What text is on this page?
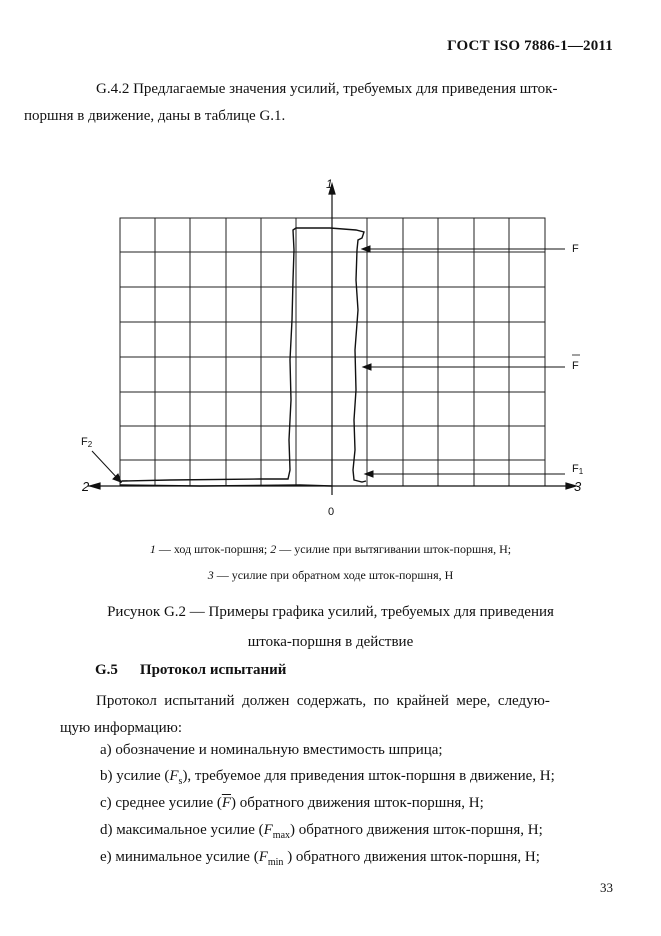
ГОСТ ISO 7886-1—2011
G.4.2 Предлагаемые значения усилий, требуемых для приведения шток-
поршня в движение, даны в таблице G.1.
1
2	3
0
F
F
F1
F2
1 — ход шток-поршня; 2 — усилие при вытягивании шток-поршня, Н;
3 — усилие при обратном ходе шток-поршня, Н
Рисунок G.2 — Примеры графика усилий, требуемых для приведения
штока-поршня в действие
G.5 Протокол испытаний
Протокол  испытаний  должен  содержать,  по  крайней  мере,  следую-
щую информацию:
a) обозначение и номинальную вместимость шприца;
b) усилие $(F_s)$, требуемое для приведения шток-поршня в движение, Н;
c) среднее усилие $(\overline{F})$ обратного движения шток-поршня, Н;
d) максимальное усилие $(F_{max})$ обратного движения шток-поршня, Н;
e) минимальное усилие ($F_{min}$ ) обратного движения шток-поршня, Н;
33
